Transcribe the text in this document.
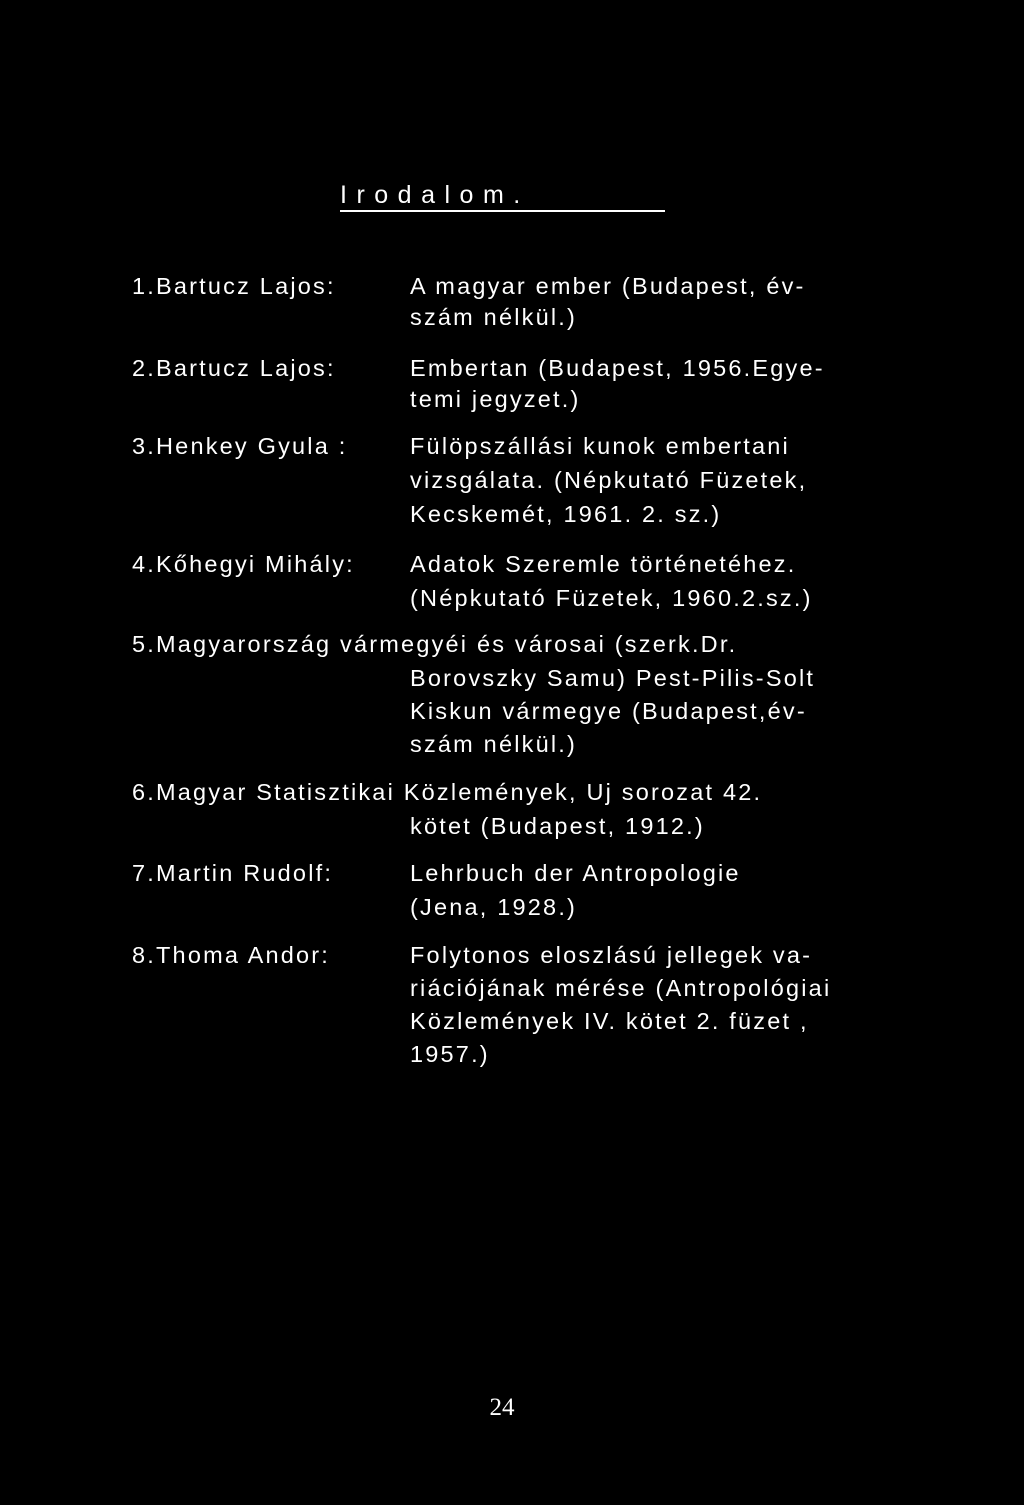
Irodalom.
1. Bartucz Lajos:	A magyar ember (Budapest, év-
szám nélkül.)
2. Bartucz Lajos:	Embertan (Budapest, 1956.Egye-
temi jegyzet.)
3. Henkey Gyula :	Fülöpszállási kunok embertani
vizsgálata. (Népkutató Füzetek,
Kecskemét, 1961. 2. sz.)
4. Kőhegyi Mihály: Adatok Szeremle történetéhez.
(Népkutató Füzetek, 1960.2.sz.)
5. Magyarország vármegyéi és városai (szerk.Dr.
Borovszky Samu) Pest-Pilis-Solt
Kiskun vármegye (Budapest,év-
szám nélkül.)
6. Magyar Statisztikai Közlemények, Uj sorozat 42.
kötet (Budapest, 1912.)
7. Martin Rudolf:	Lehrbuch der Antropologie
(Jena, 1928.)
8. Thoma Andor:	Folytonos eloszlású jellegek va-
riációjának mérése (Antropológiai
Közlemények IV. kötet 2. füzet ,
1957.)
24
